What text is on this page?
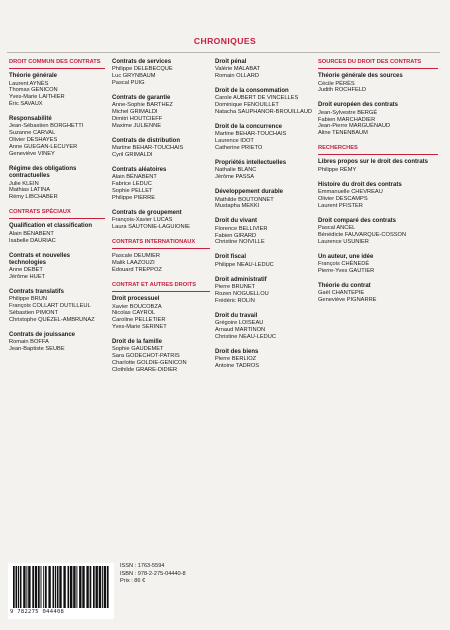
CHRONIQUES
DROIT COMMUN DES CONTRATS
Théorie générale
Laurent AYNÈS
Thomas GENICON
Yves-Marie LAITHIER
Éric SAVAUX
Responsabilité
Jean-Sébastien BORGHETTI
Suzanne CARVAL
Olivier DESHAYES
Anne GUEGAN-LECUYER
Geneviève VINEY
Régime des obligations contractuelles
Julie KLEIN
Mathias LATINA
Rémy LIBCHABER
CONTRATS SPÉCIAUX
Qualification et classification
Alain BÉNABENT
Isabelle DAURIAC
Contrats et nouvelles technologies
Anne DEBET
Jérôme HUET
Contrats translatifs
Philippe BRUN
François COLLART DUTILLEUL
Sébastien PIMONT
Christophe QUÉZEL-AMBRUNAZ
Contrats de jouissance
Romain BOFFA
Jean-Baptiste SEUBE
Contrats de services
Philippe DELEBECQUE
Luc GRYNBAUM
Pascal PUIG
Contrats de garantie
Anne-Sophie BARTHEZ
Michel GRIMALDI
Dimitri HOUTCIEFF
Maxime JULIENNE
Contrats de distribution
Martine BEHAR-TOUCHAIS
Cyril GRIMALDI
Contrats aléatoires
Alain BÉNABENT
Fabrice LEDUC
Sophie PELLET
Philippe PIERRE
Contrats de groupement
François-Xavier LUCAS
Laura SAUTONIE-LAGUIONIE
CONTRATS INTERNATIONAUX
Pascale DEUMIER
Malik LAAZOUZI
Édouard TREPPOZ
CONTRAT ET AUTRES DROITS
Droit processuel
Xavier BOUCOBZA
Nicolas CAYROL
Caroline PELLETIER
Yves-Marie SERINET
Droit de la famille
Sophie GAUDEMET
Sara GODECHOT-PATRIS
Charlotte GOLDIE-GENICON
Clothilde GRARE-DIDIER
Droit pénal
Valérie MALABAT
Romain OLLARD
Droit de la consommation
Carole AUBERT DE VINCELLES
Dominique FENOUILLET
Natacha SAUPHANOR-BROUILLAUD
Droit de la concurrence
Martine BEHAR-TOUCHAIS
Laurence IDOT
Catherine PRIETO
Propriétés intellectuelles
Nathalie BLANC
Jérôme PASSA
Développement durable
Mathilde BOUTONNET
Mustapha MEKKI
Droit du vivant
Florence BELLIVIER
Fabien GIRARD
Christine NOIVILLE
Droit fiscal
Philippe NEAU-LEDUC
Droit administratif
Pierre BRUNET
Rozen NOGUELLOU
Frédéric ROLIN
Droit du travail
Grégoire LOISEAU
Arnaud MARTINON
Christine NEAU-LEDUC
Droit des biens
Pierre BERLIOZ
Antoine TADROS
SOURCES DU DROIT DES CONTRATS
Théorie générale des sources
Cécile PÉRÈS
Judith ROCHFELD
Droit européen des contrats
Jean-Sylvestre BERGÉ
Fabien MARCHADIER
Jean-Pierre MARGUÉNAUD
Aline TENENBAUM
RECHERCHES
Libres propos sur le droit des contrats
Philippe RÉMY
Histoire du droit des contrats
Emmanuelle CHEVREAU
Olivier DESCAMPS
Laurent PFISTER
Droit comparé des contrats
Pascal ANCEL
Bénédicte FAUVARQUE-COSSON
Laurence USUNIER
Un auteur, une idée
François CHÉNEDÉ
Pierre-Yves GAUTIER
Théorie du contrat
Gaël CHANTEPIE
Geneviève PIGNARRE
9 782275 044408
ISSN : 1763-5594
ISBN : 978-2-275-04440-8
Prix : 86 €
